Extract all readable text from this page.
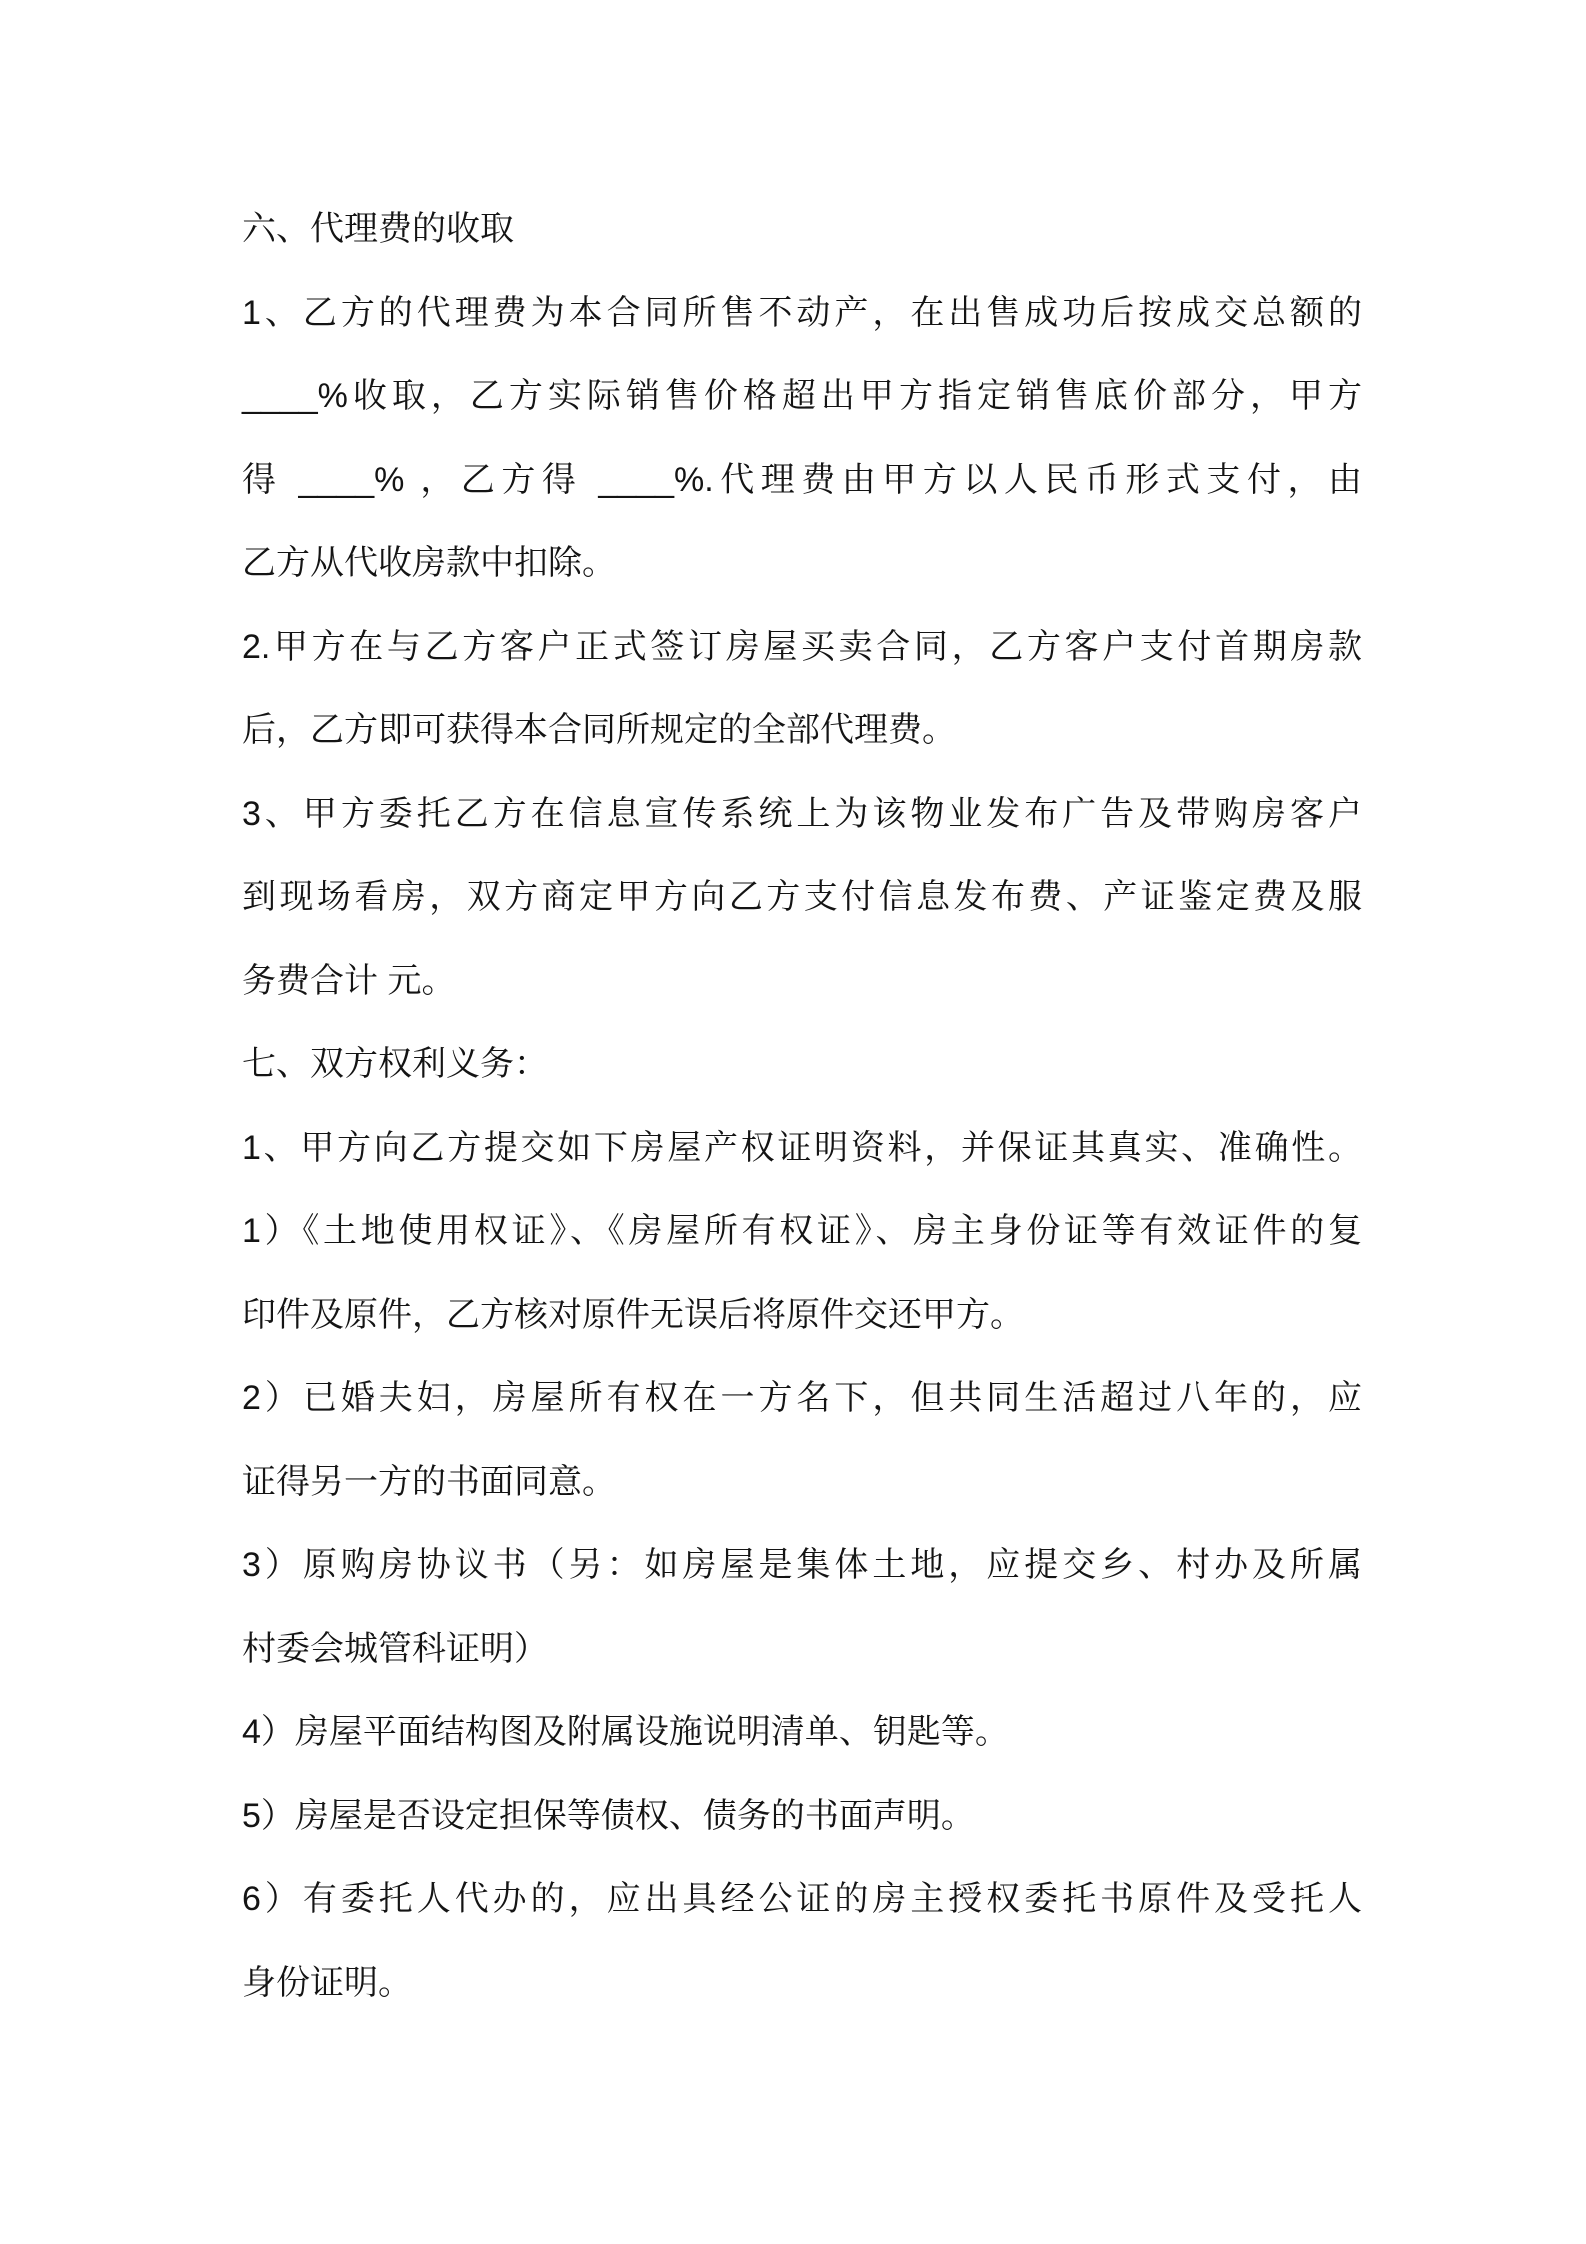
六、代理费的收取
1、乙方的代理费为本合同所售不动产，在出售成功后按成交总额的
____%收取，乙方实际销售价格超出甲方指定销售底价部分，甲方
得 ____% ，乙方得 ____%.代理费由甲方以人民币形式支付，由
乙方从代收房款中扣除。
2.甲方在与乙方客户正式签订房屋买卖合同，乙方客户支付首期房款
后，乙方即可获得本合同所规定的全部代理费。
3、甲方委托乙方在信息宣传系统上为该物业发布广告及带购房客户
到现场看房，双方商定甲方向乙方支付信息发布费、产证鉴定费及服
务费合计 元。
七、双方权利义务：
1、甲方向乙方提交如下房屋产权证明资料，并保证其真实、准确性。
1）《土地使用权证》、《房屋所有权证》、房主身份证等有效证件的复
印件及原件，乙方核对原件无误后将原件交还甲方。
2）已婚夫妇，房屋所有权在一方名下，但共同生活超过八年的，应
证得另一方的书面同意。
3）原购房协议书（另：如房屋是集体土地，应提交乡、村办及所属
村委会城管科证明）
4）房屋平面结构图及附属设施说明清单、钥匙等。
5）房屋是否设定担保等债权、债务的书面声明。
6）有委托人代办的，应出具经公证的房主授权委托书原件及受托人
身份证明。
